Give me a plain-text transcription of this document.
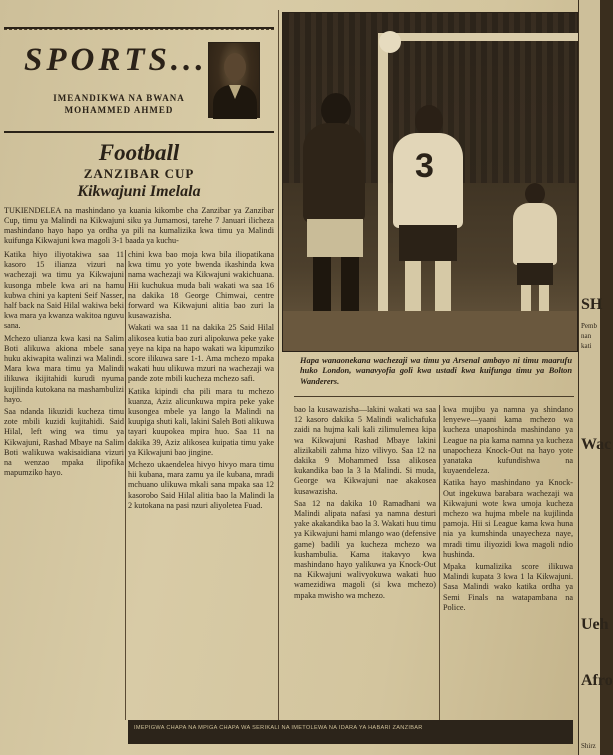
SPORTS...
IMEANDIKWA NA BWANA MOHAMMED AHMED
Football
ZANZIBAR CUP
Kikwajuni Imelala
TUKIENDELEA na mashindano ya kuania kikombe cha Zanzibar ya Zanzibar Cup, timu ya Malindi na Kikwajuni siku ya Jumamosi, tarehe 7 Januari ilicheza mashindano hayo hapo ya ordha ya pili na kumalizika kwa timu ya Malindi kuifunga Kikwajuni kwa magoli 3-1 baada ya kuchu-

Katika hiyo iliyotakiwa saa 11 kasoro 15 ilianza vizuri na wachezaji wa timu ya Kikwajuni kusonga mbele kwa ari na hamu kubwa chini ya kapteni Seif Nasser, half back na Said Hilal wakiwa beki kwa mara ya kwanza wakitoa nguvu sana.

Mchezo ulianza kwa kasi na Salim Boti alikuwa akiona mbele sana huku akiwapita walinzi wa Malindi. Mara kwa mara timu ya Malindi ilikuwa ikijitahidi kurudi nyuma kujilinda kutokana na mashambulizi hayo.

Saa ndanda likuzidi kucheza timu zote mbili kuzidi kujitahidi. Said Hilal, left wing wa timu ya Kikwajuni, Rashad Mbaye na Salim Boti walikuwa wakisaidiana vizuri na wenzao mpaka ilipofika mapumziko hayo.

chini kwa bao moja kwa bila iliopatikana kwa timu yo yote bwenda ikashinda kwa nama wachezaji wa Kikwajuni wakichuana. Hii kuchukua muda bali wakati wa saa 16 na dakika 18 George Chimwai, centre forward wa Kikwajuni alitia bao zuri la kusawazisha.

Wakati wa saa 11 na dakika 25 Said Hilal alikosea kutia bao zuri alipokuwa peke yake yeye na kipa na hapo wakati wa kipumziko score ilikuwa sare 1-1. Ama mchezo mpaka wakati huu ulikuwa mzuri na wachezaji wa pande zote mbili kucheza mchezo safi.

Katika kipindi cha pili mara tu mchezo kuanza, Aziz alicunkuwa mpira peke yake kusongea mbele ya lango la Malindi na kuupiga shuti kali, lakini Saleh Boti alikuwa tayari kuupokea mpira huo. Saa 11 na dakika 39, Aziz alikosea kuipatia timu yake ya Kikwajuni bao jingine.

Mchezo ukaendelea hivyo hivyo mara timu hii kubana, mara zamu ya ile kubana, mradi mchuano ulikuwa mkali sana mpaka saa 12 kasorobo Said Hilal alitia bao la Malindi la 2 kutokana na pasi nzuri aliyoletea Fuad.

3
Hapa wanaonekana wachezaji wa timu ya Arsenal ambayo ni timu maarufu huko London, wanavyofia goli kwa ustadi kwa kuifunga timu ya Bolton Wanderers.

bao la kusawazisha—lakini wakati wa saa 12 kasoro dakika 5 Malindi walichafuka zaidi na hujma kali kali zilimulemea kipa wa Kikwajuni Rashad Mbaye lakini alizikabili zahma hizo vilivyo. Saa 12 na dakika 9 Mohammed Issa alikosea kukandika bao la 3 la Malindi. Si muda, George wa Kikwajuni nae akakosea kusawazisha.

Saa 12 na dakika 10 Ramadhani wa Malindi alipata nafasi ya namna desturi yake akakandika bao la 3. Wakati huu timu ya Kikwajuni hami mlango wao (defensive game) badili ya kucheza mchezo wa kushambulia. Kama itakavyo kwa mashindano hayo yalikuwa ya Knock-Out na Kikwajuni walivyokuwa wakati huo wamezidiwa magoli (si kwa mchezo) mpaka mwisho wa mchezo.

kwa mujibu ya namna ya shindano lenyewe—yaani kama mchezo wa kucheza unaposhinda mashindano ya League na pia kama namna ya kucheza unapocheza Knock-Out na hayo yote yanataka kufundishwa na kuyaendeleza.

Katika hayo mashindano ya Knock-Out ingekuwa barabara wachezaji wa Kikwajuni wote kwa umoja kucheza mchezo wa hujma mbele na kujilinda pamoja. Hii si League kama kwa huna nia ya kumshinda unayecheza naye, mradi timu iliyozidi kwa magoli ndio hushinda.

Mpaka kumalizika score ilikuwa Malindi kupata 3 kwa 1 la Kikwajuni. Sasa Malindi wako katika ordha ya Semi Finals na watapambana na Police.

IMEPIGWA CHAPA NA MPIGA CHAPA WA SERIKALI NA IMETOLEWA NA IDARA YA HABARI ZANZIBAR
SH
Pemb
nan
kati
Wac
Ueh
Afro
Shirz
